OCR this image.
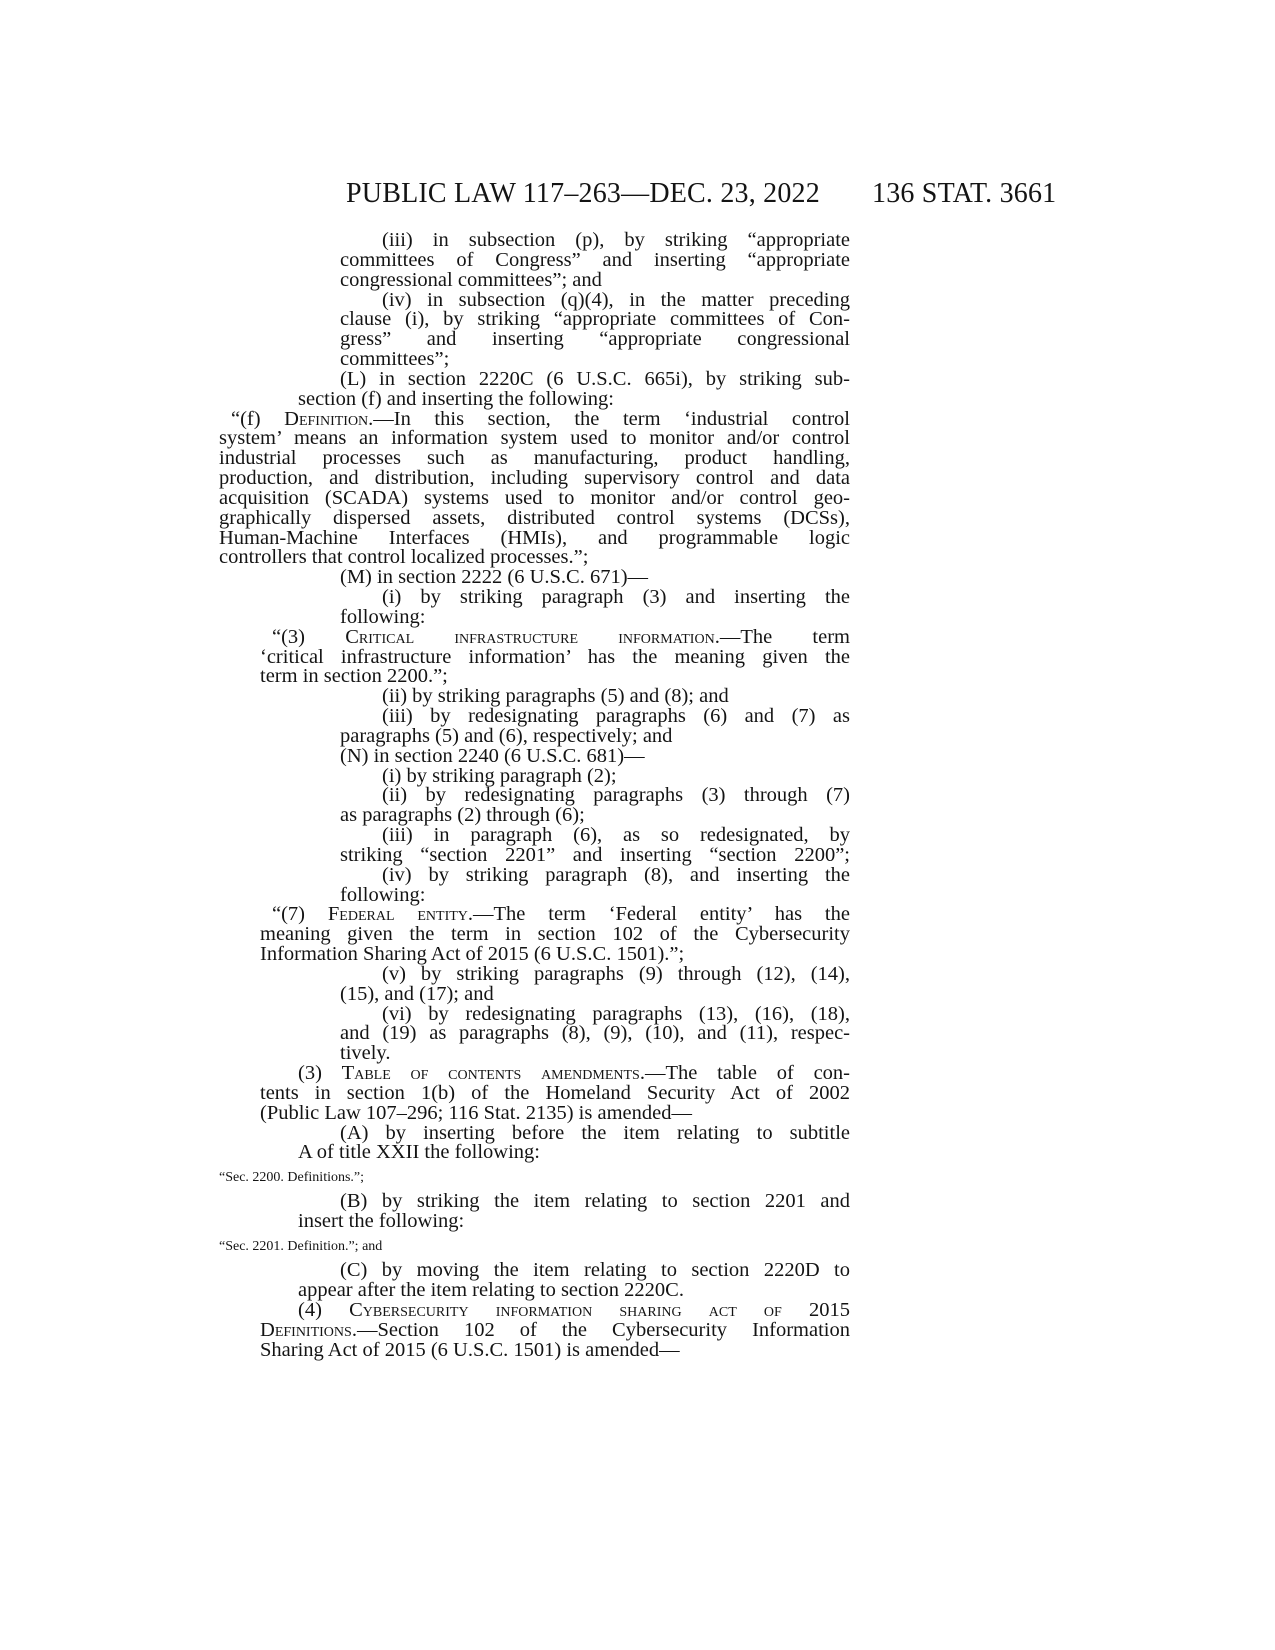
PUBLIC LAW 117–263—DEC. 23, 2022 136 STAT. 3661
(iii) in subsection (p), by striking “appropriate
committees of Congress” and inserting “appropriate
congressional committees”; and
(iv) in subsection (q)(4), in the matter preceding
clause (i), by striking “appropriate committees of Con-
gress” and inserting “appropriate congressional
committees”;
(L) in section 2220C (6 U.S.C. 665i), by striking sub-
section (f) and inserting the following:
“(f) Definition.—In this section, the term ‘industrial control
system’ means an information system used to monitor and/or control
industrial processes such as manufacturing, product handling,
production, and distribution, including supervisory control and data
acquisition (SCADA) systems used to monitor and/or control geo-
graphically dispersed assets, distributed control systems (DCSs),
Human-Machine Interfaces (HMIs), and programmable logic
controllers that control localized processes.”;
(M) in section 2222 (6 U.S.C. 671)—
(i) by striking paragraph (3) and inserting the
following:
“(3) Critical infrastructure information.—The term
‘critical infrastructure information’ has the meaning given the
term in section 2200.”;
(ii) by striking paragraphs (5) and (8); and
(iii) by redesignating paragraphs (6) and (7) as
paragraphs (5) and (6), respectively; and
(N) in section 2240 (6 U.S.C. 681)—
(i) by striking paragraph (2);
(ii) by redesignating paragraphs (3) through (7)
as paragraphs (2) through (6);
(iii) in paragraph (6), as so redesignated, by
striking “section 2201” and inserting “section 2200”;
(iv) by striking paragraph (8), and inserting the
following:
“(7) Federal entity.—The term ‘Federal entity’ has the
meaning given the term in section 102 of the Cybersecurity
Information Sharing Act of 2015 (6 U.S.C. 1501).”;
(v) by striking paragraphs (9) through (12), (14),
(15), and (17); and
(vi) by redesignating paragraphs (13), (16), (18),
and (19) as paragraphs (8), (9), (10), and (11), respec-
tively.
(3) Table of contents amendments.—The table of con-
tents in section 1(b) of the Homeland Security Act of 2002
(Public Law 107–296; 116 Stat. 2135) is amended—
(A) by inserting before the item relating to subtitle
A of title XXII the following:
“Sec. 2200. Definitions.”;
(B) by striking the item relating to section 2201 and
insert the following:
“Sec. 2201. Definition.”; and
(C) by moving the item relating to section 2220D to
appear after the item relating to section 2220C.
(4) Cybersecurity information sharing act of 2015
Definitions.—Section 102 of the Cybersecurity Information
Sharing Act of 2015 (6 U.S.C. 1501) is amended—
